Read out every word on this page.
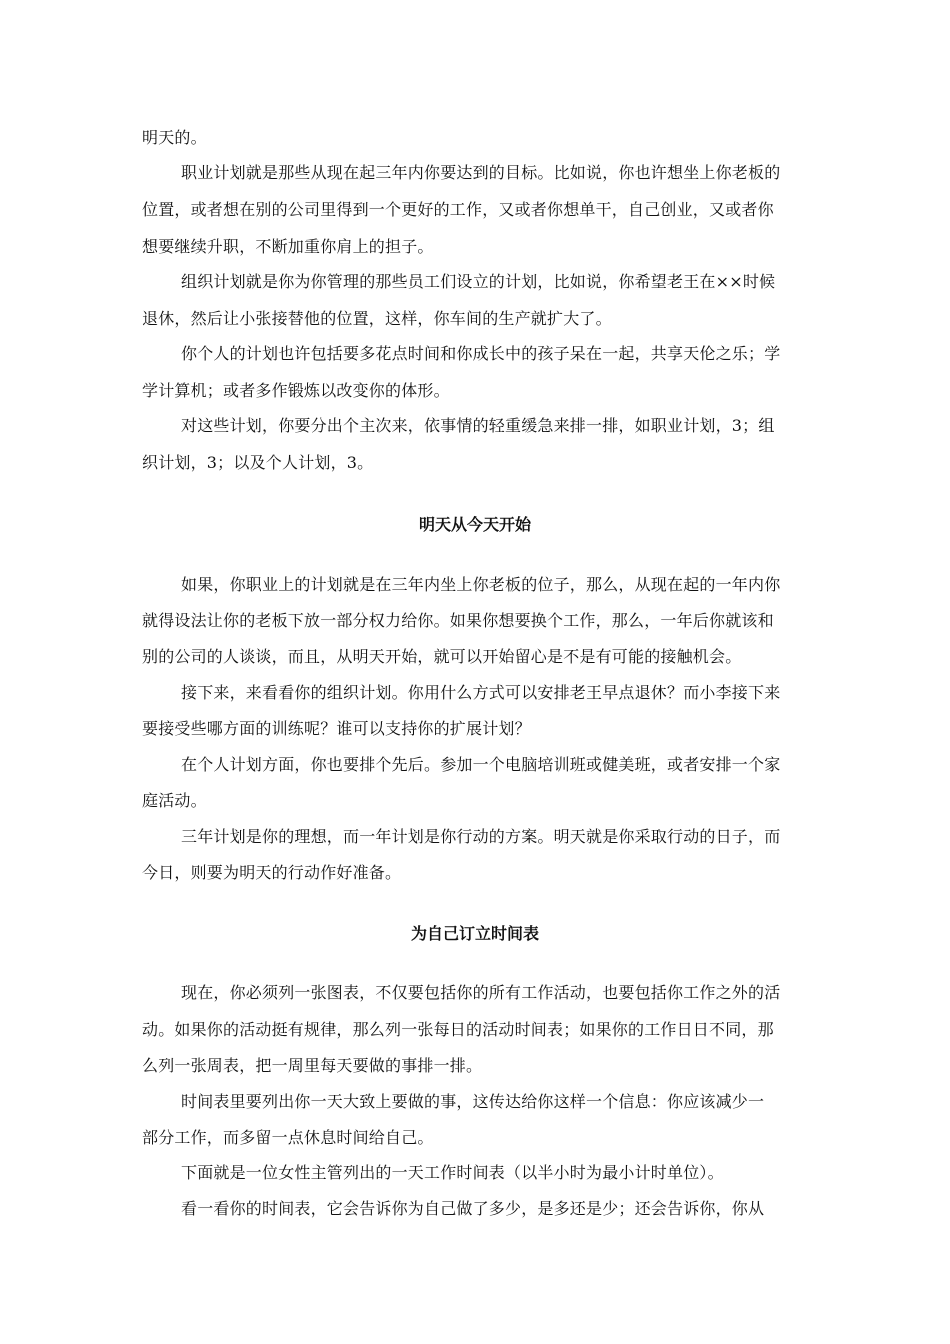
明天的。
职业计划就是那些从现在起三年内你要达到的目标。比如说，你也许想坐上你老板的
位置，或者想在别的公司里得到一个更好的工作，又或者你想单干，自己创业，又或者你
想要继续升职，不断加重你肩上的担子。
组织计划就是你为你管理的那些员工们设立的计划，比如说，你希望老王在××时候
退休，然后让小张接替他的位置，这样，你车间的生产就扩大了。
你个人的计划也许包括要多花点时间和你成长中的孩子呆在一起，共享天伦之乐；学
学计算机；或者多作锻炼以改变你的体形。
对这些计划，你要分出个主次来，依事情的轻重缓急来排一排，如职业计划，3；组
织计划，3；以及个人计划，3。
明天从今天开始
如果，你职业上的计划就是在三年内坐上你老板的位子，那么，从现在起的一年内你
就得设法让你的老板下放一部分权力给你。如果你想要换个工作，那么，一年后你就该和
别的公司的人谈谈，而且，从明天开始，就可以开始留心是不是有可能的接触机会。
接下来，来看看你的组织计划。你用什么方式可以安排老王早点退休？而小李接下来
要接受些哪方面的训练呢？谁可以支持你的扩展计划？
在个人计划方面，你也要排个先后。参加一个电脑培训班或健美班，或者安排一个家
庭活动。
三年计划是你的理想，而一年计划是你行动的方案。明天就是你采取行动的日子，而
今日，则要为明天的行动作好准备。
为自己订立时间表
现在，你必须列一张图表，不仅要包括你的所有工作活动，也要包括你工作之外的活
动。如果你的活动挺有规律，那么列一张每日的活动时间表；如果你的工作日日不同，那
么列一张周表，把一周里每天要做的事排一排。
时间表里要列出你一天大致上要做的事，这传达给你这样一个信息：你应该减少一
部分工作，而多留一点休息时间给自己。
下面就是一位女性主管列出的一天工作时间表（以半小时为最小计时单位）。
看一看你的时间表，它会告诉你为自己做了多少，是多还是少；还会告诉你，你从
